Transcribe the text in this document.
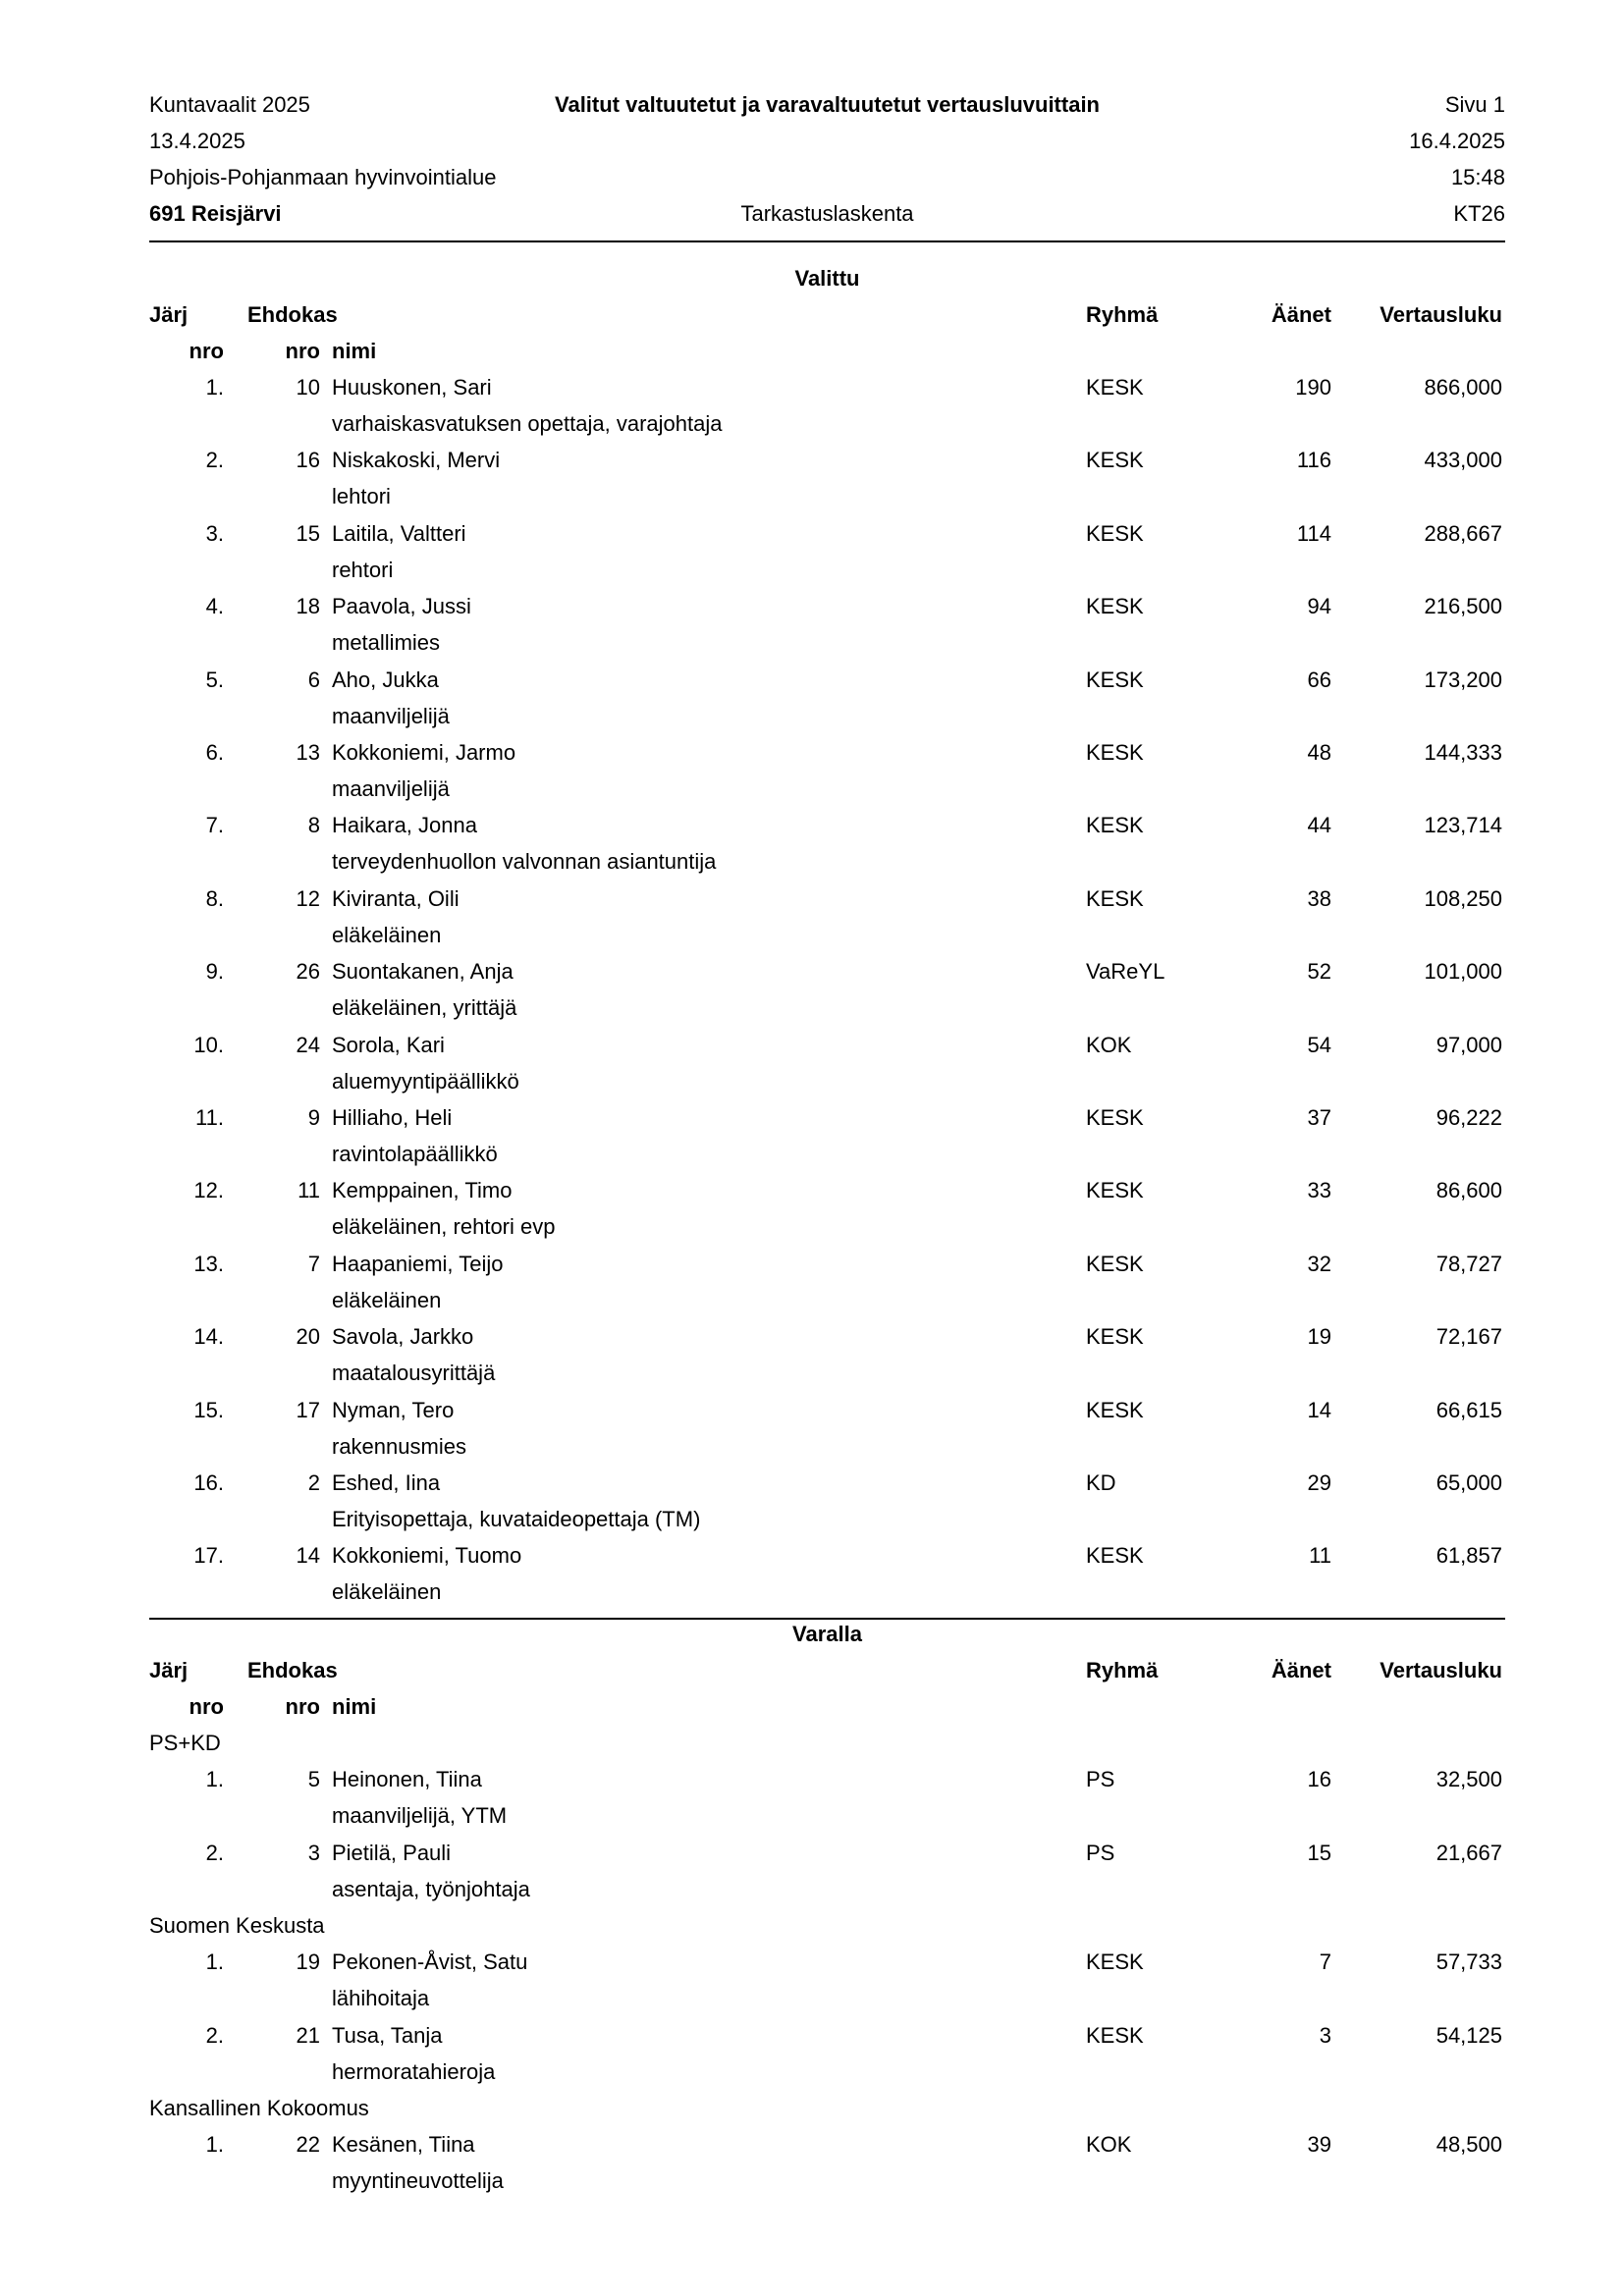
Kuntavaalit 2025	Valitut valtuutetut ja varavaltuutetut vertausluvuittain	Sivu 1
13.4.2025	16.4.2025
Pohjois-Pohjanmaan hyvinvointialue	15:48
691 Reisjärvi	Tarkastuslaskenta	KT26
Valittu
Järj	Ehdokas	Ryhmä	Äänet	Vertausluku
nro	nro nimi
1.	10 Huuskonen, Sari	KESK	190	866,000
varhaiskasvatuksen opettaja, varajohtaja
2.	16 Niskakoski, Mervi	KESK	116	433,000
lehtori
3.	15 Laitila, Valtteri	KESK	114	288,667
rehtori
4.	18 Paavola, Jussi	KESK	94	216,500
metallimies
5.	6 Aho, Jukka	KESK	66	173,200
maanviljelijä
6.	13 Kokkoniemi, Jarmo	KESK	48	144,333
maanviljelijä
7.	8 Haikara, Jonna	KESK	44	123,714
terveydenhuollon valvonnan asiantuntija
8.	12 Kiviranta, Oili	KESK	38	108,250
eläkeläinen
9.	26 Suontakanen, Anja	VaReYL	52	101,000
eläkeläinen, yrittäjä
10.	24 Sorola, Kari	KOK	54	97,000
aluemyyntipäällikkö
11.	9 Hilliaho, Heli	KESK	37	96,222
ravintolapäällikkö
12.	11 Kemppainen, Timo	KESK	33	86,600
eläkeläinen, rehtori evp
13.	7 Haapaniemi, Teijo	KESK	32	78,727
eläkeläinen
14.	20 Savola, Jarkko	KESK	19	72,167
maatalousyrittäjä
15.	17 Nyman, Tero	KESK	14	66,615
rakennusmies
16.	2 Eshed, Iina	KD	29	65,000
Erityisopettaja, kuvataideopettaja (TM)
17.	14 Kokkoniemi, Tuomo	KESK	11	61,857
eläkeläinen
Varalla
Järj	Ehdokas	Ryhmä	Äänet	Vertausluku
nro	nro nimi
PS+KD
1.	5 Heinonen, Tiina	PS	16	32,500
maanviljelijä, YTM
2.	3 Pietilä, Pauli	PS	15	21,667
asentaja, työnjohtaja
Suomen Keskusta
1.	19 Pekonen-Åvist, Satu	KESK	7	57,733
lähihoitaja
2.	21 Tusa, Tanja	KESK	3	54,125
hermoratahieroja
Kansallinen Kokoomus
1.	22 Kesänen, Tiina	KOK	39	48,500
myyntineuvottelija
